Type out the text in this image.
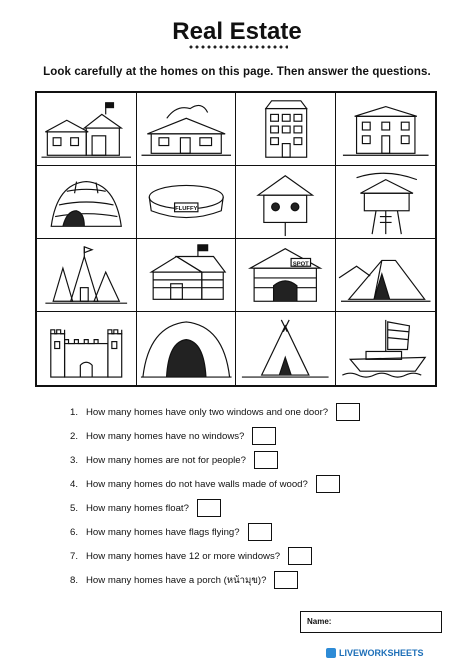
Real Estate
Look carefully at the homes on this page. Then answer the questions.
FLUFFY
SPOT
1. How many homes have only two windows and one door?
2. How many homes have no windows?
3. How many homes are not for people?
4. How many homes do not have walls made of wood?
5. How many homes float?
6. How many homes have flags flying?
7. How many homes have 12 or more windows?
8. How many homes have a porch (หน้ามุข)?
Name:
LIVEWORKSHEETS
